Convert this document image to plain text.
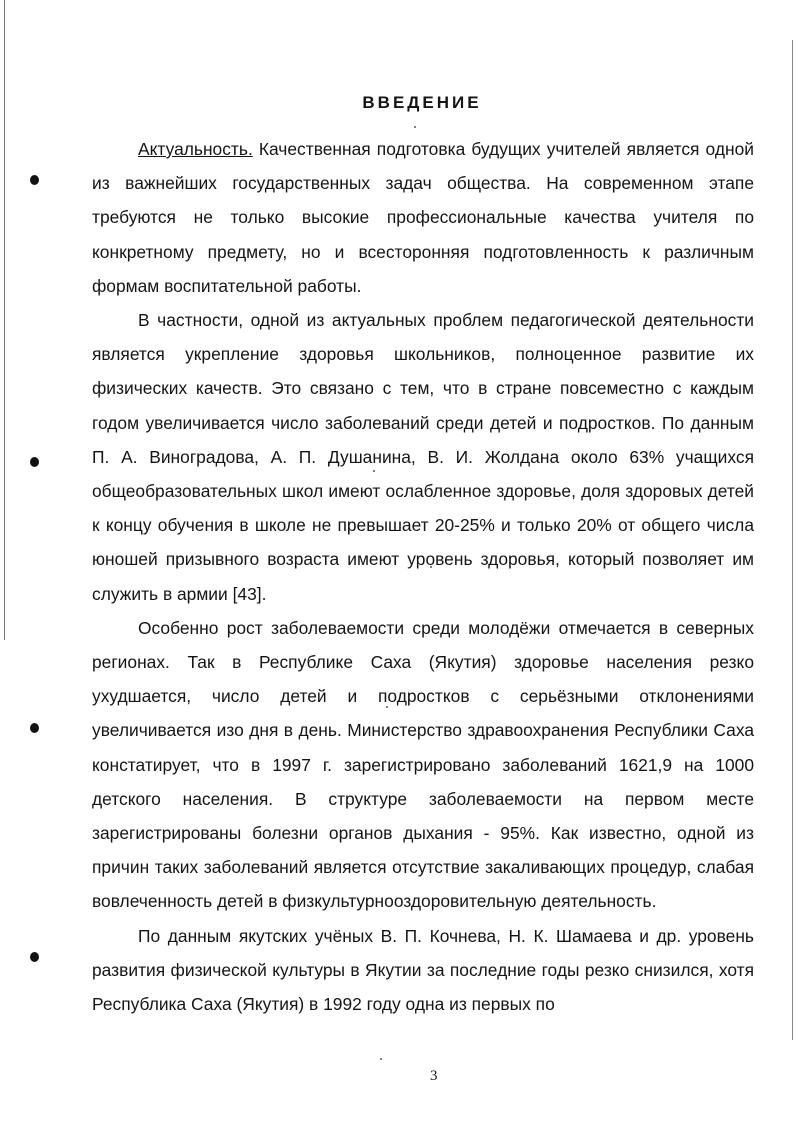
ВВЕДЕНИЕ

Актуальность. Качественная подготовка будущих учителей является одной из важнейших государственных задач общества. На современном этапе требуются не только высокие профессиональные качества учителя по конкретному предмету, но и всесторонняя подготовленность к различным формам воспитательной работы.

В частности, одной из актуальных проблем педагогической деятельности является укрепление здоровья школьников, полноценное развитие их физических качеств. Это связано с тем, что в стране повсеместно с каждым годом увеличивается число заболеваний среди детей и подростков. По данным П. А. Виноградова, А. П. Душанина, В. И. Жолдана около 63% учащихся общеобразовательных школ имеют ослабленное здоровье, доля здоровых детей к концу обучения в школе не превышает 20-25% и только 20% от общего числа юношей призывного возраста имеют уровень здоровья, который позволяет им служить в армии [43].

Особенно рост заболеваемости среди молодёжи отмечается в северных регионах. Так в Республике Саха (Якутия) здоровье населения резко ухудшается, число детей и подростков с серьёзными отклонениями увеличивается изо дня в день. Министерство здравоохранения Республики Саха констатирует, что в 1997 г. зарегистрировано заболеваний 1621,9 на 1000 детского населения. В структуре заболеваемости на первом месте зарегистрированы болезни органов дыхания - 95%. Как известно, одной из причин таких заболеваний является отсутствие закаливающих процедур, слабая вовлеченность детей в физкультурнооздоровительную деятельность.

По данным якутских учёных В. П. Кочнева, Н. К. Шамаева и др. уровень развития физической культуры в Якутии за последние годы резко снизился, хотя Республика Саха (Якутия) в 1992 году одна из первых по

3
